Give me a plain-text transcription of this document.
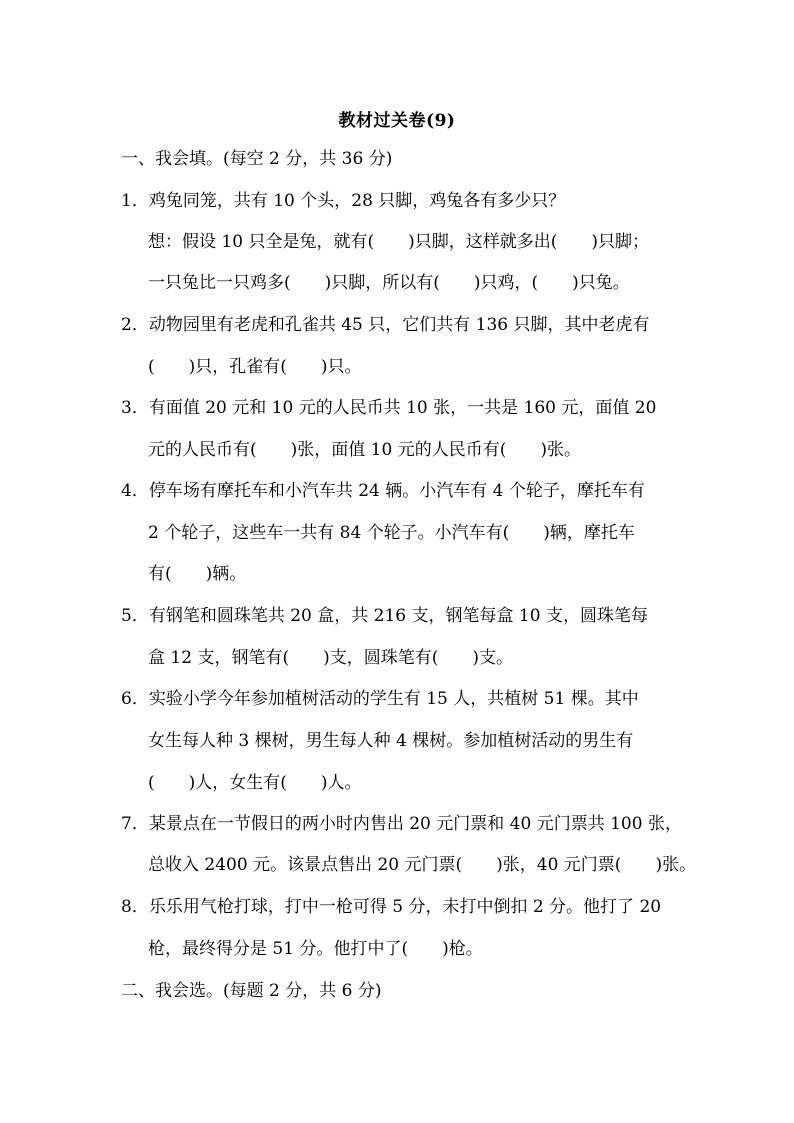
教材过关卷(9)
一、我会填。(每空 2 分，共 36 分)
1．鸡兔同笼，共有 10 个头，28 只脚，鸡兔各有多少只？
想：假设 10 只全是兔，就有(　　)只脚，这样就多出(　　)只脚；
一只兔比一只鸡多(　　)只脚，所以有(　　)只鸡，(　　)只兔。
2．动物园里有老虎和孔雀共 45 只，它们共有 136 只脚，其中老虎有
(　　)只，孔雀有(　　)只。
3．有面值 20 元和 10 元的人民币共 10 张，一共是 160 元，面值 20
元的人民币有(　　)张，面值 10 元的人民币有(　　)张。
4．停车场有摩托车和小汽车共 24 辆。小汽车有 4 个轮子，摩托车有
2 个轮子，这些车一共有 84 个轮子。小汽车有(　　)辆，摩托车
有(　　)辆。
5．有钢笔和圆珠笔共 20 盒，共 216 支，钢笔每盒 10 支，圆珠笔每
盒 12 支，钢笔有(　　)支，圆珠笔有(　　)支。
6．实验小学今年参加植树活动的学生有 15 人，共植树 51 棵。其中
女生每人种 3 棵树，男生每人种 4 棵树。参加植树活动的男生有
(　　)人，女生有(　　)人。
7．某景点在一节假日的两小时内售出 20 元门票和 40 元门票共 100 张，
总收入 2400 元。该景点售出 20 元门票(　　)张，40 元门票(　　)张。
8．乐乐用气枪打球，打中一枪可得 5 分，未打中倒扣 2 分。他打了 20
枪，最终得分是 51 分。他打中了(　　)枪。
二、我会选。(每题 2 分，共 6 分)
